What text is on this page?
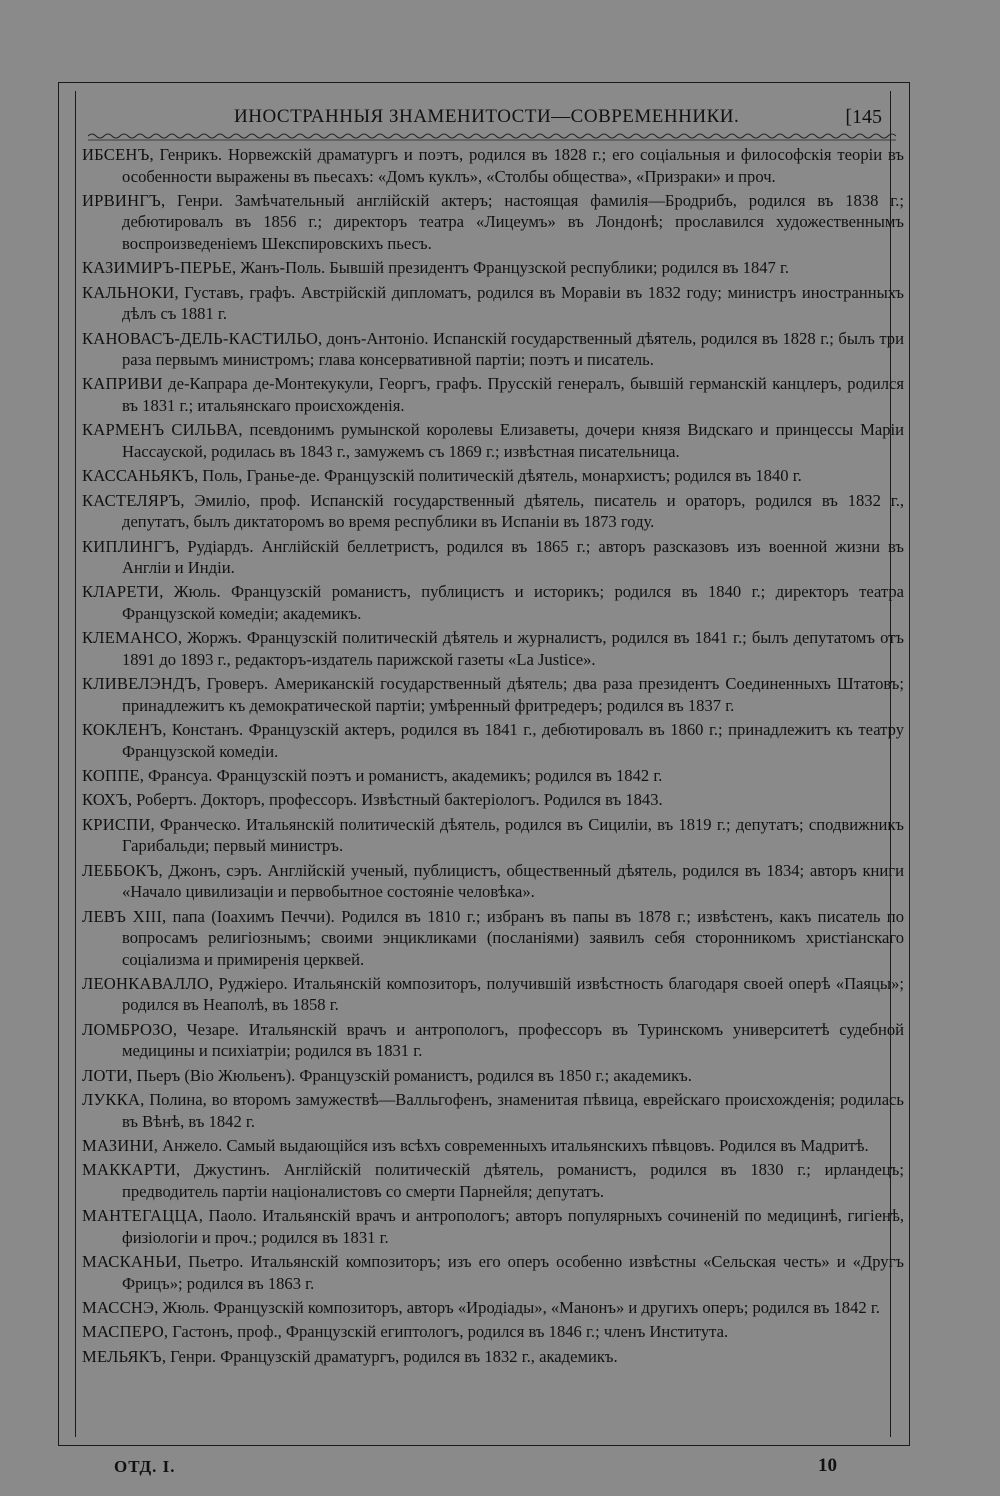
ИНОСТРАННЫЯ ЗНАМЕНИТОСТИ—СОВРЕМЕННИКИ.	[145

ИБСЕНЪ, Генрикъ. Норвежскій драматургъ и поэтъ, родился въ 1828 г.; его соціальныя и философскія теоріи въ особенности выражены въ пьесахъ: «Домъ куклъ», «Столбы общества», «Призраки» и проч.

ИРВИНГЪ, Генри. Замѣчательный англійскій актеръ; настоящая фамилія—Бродрибъ, родился въ 1838 г.; дебютировалъ въ 1856 г.; директоръ театра «Лицеумъ» въ Лондонѣ; прославился художественнымъ воспроизведеніемъ Шекспировскихъ пьесъ.

КАЗИМИРЪ-ПЕРЬЕ, Жанъ-Поль. Бывшій президентъ Французской республики; родился въ 1847 г.

КАЛЬНОКИ, Густавъ, графъ. Австрійскій дипломатъ, родился въ Моравіи въ 1832 году; министръ иностранныхъ дѣлъ съ 1881 г.

КАНОВАСЪ-ДЕЛЬ-КАСТИЛЬО, донъ-Антоніо. Испанскій государственный дѣятель, родился въ 1828 г.; былъ три раза первымъ министромъ; глава консервативной партіи; поэтъ и писатель.

КАПРИВИ де-Капрара де-Монтекукули, Георгъ, графъ. Прусскій генералъ, бывшій германскій канцлеръ, родился въ 1831 г.; итальянскаго происхожденія.

КАРМЕНЪ СИЛЬВА, псевдонимъ румынской королевы Елизаветы, дочери князя Видскаго и принцессы Маріи Нассауской, родилась въ 1843 г., замужемъ съ 1869 г.; извѣстная писательница.

КАССАНЬЯКЪ, Поль, Гранье-де. Французскій политическій дѣятель, монархистъ; родился въ 1840 г.

КАСТЕЛЯРЪ, Эмиліо, проф. Испанскій государственный дѣятель, писатель и ораторъ, родился въ 1832 г., депутатъ, былъ диктаторомъ во время республики въ Испаніи въ 1873 году.

КИПЛИНГЪ, Рудіардъ. Англійскій беллетристъ, родился въ 1865 г.; авторъ разсказовъ изъ военной жизни въ Англіи и Индіи.

КЛАРЕТИ, Жюль. Французскій романистъ, публицистъ и историкъ; родился въ 1840 г.; директоръ театра Французской комедіи; академикъ.

КЛЕМАНСО, Жоржъ. Французскій политическій дѣятель и журналистъ, родился въ 1841 г.; былъ депутатомъ отъ 1891 до 1893 г., редакторъ-издатель парижской газеты «La Justice».

КЛИВЕЛЭНДЪ, Гроверъ. Американскій государственный дѣятель; два раза президентъ Соединенныхъ Штатовъ; принадлежитъ къ демократической партіи; умѣренный фритредеръ; родился въ 1837 г.

КОКЛЕНЪ, Констанъ. Французскій актеръ, родился въ 1841 г., дебютировалъ въ 1860 г.; принадлежитъ къ театру Французской комедіи.

КОППЕ, Франсуа. Французскій поэтъ и романистъ, академикъ; родился въ 1842 г.

КОХЪ, Робертъ. Докторъ, профессоръ. Извѣстный бактеріологъ. Родился въ 1843.

КРИСПИ, Франческо. Итальянскій политическій дѣятель, родился въ Сициліи, въ 1819 г.; депутатъ; сподвижникъ Гарибальди; первый министръ.

ЛЕББОКЪ, Джонъ, сэръ. Англійскій ученый, публицистъ, общественный дѣятель, родился въ 1834; авторъ книги «Начало цивилизаціи и первобытное состояніе человѣка».

ЛЕВЪ XIII, папа (Іоахимъ Печчи). Родился въ 1810 г.; избранъ въ папы въ 1878 г.; извѣстенъ, какъ писатель по вопросамъ религіознымъ; своими энцикликами (посланіями) заявилъ себя сторонникомъ христіанскаго соціализма и примиренія церквей.

ЛЕОНКАВАЛЛО, Руджіеро. Итальянскій композиторъ, получившій извѣстность благодаря своей оперѣ «Паяцы»; родился въ Неаполѣ, въ 1858 г.

ЛОМБРОЗО, Чезаре. Итальянскій врачъ и антропологъ, профессоръ въ Туринскомъ университетѣ судебной медицины и психіатріи; родился въ 1831 г.

ЛОТИ, Пьеръ (Віо Жюльенъ). Французскій романистъ, родился въ 1850 г.; академикъ.

ЛУККА, Полина, во второмъ замужествѣ—Валльгофенъ, знаменитая пѣвица, еврейскаго происхожденія; родилась въ Вѣнѣ, въ 1842 г.

МАЗИНИ, Анжело. Самый выдающійся изъ всѣхъ современныхъ итальянскихъ пѣвцовъ. Родился въ Мадритѣ.

МАККАРТИ, Джустинъ. Англійскій политическій дѣятель, романистъ, родился въ 1830 г.; ирландецъ; предводитель партіи націоналистовъ со смерти Парнейля; депутатъ.

МАНТЕГАЦЦА, Паоло. Итальянскій врачъ и антропологъ; авторъ популярныхъ сочиненій по медицинѣ, гигіенѣ, физіологіи и проч.; родился въ 1831 г.

МАСКАНЬИ, Пьетро. Итальянскій композиторъ; изъ его оперъ особенно извѣстны «Сельская честь» и «Другъ Фрицъ»; родился въ 1863 г.

МАССНЭ, Жюль. Французскій композиторъ, авторъ «Иродіады», «Манонъ» и другихъ оперъ; родился въ 1842 г.

МАСПЕРО, Гастонъ, проф., Французскій египтологъ, родился въ 1846 г.; членъ Института.

МЕЛЬЯКЪ, Генри. Французскій драматургъ, родился въ 1832 г., академикъ.

ОТД. I.	10
